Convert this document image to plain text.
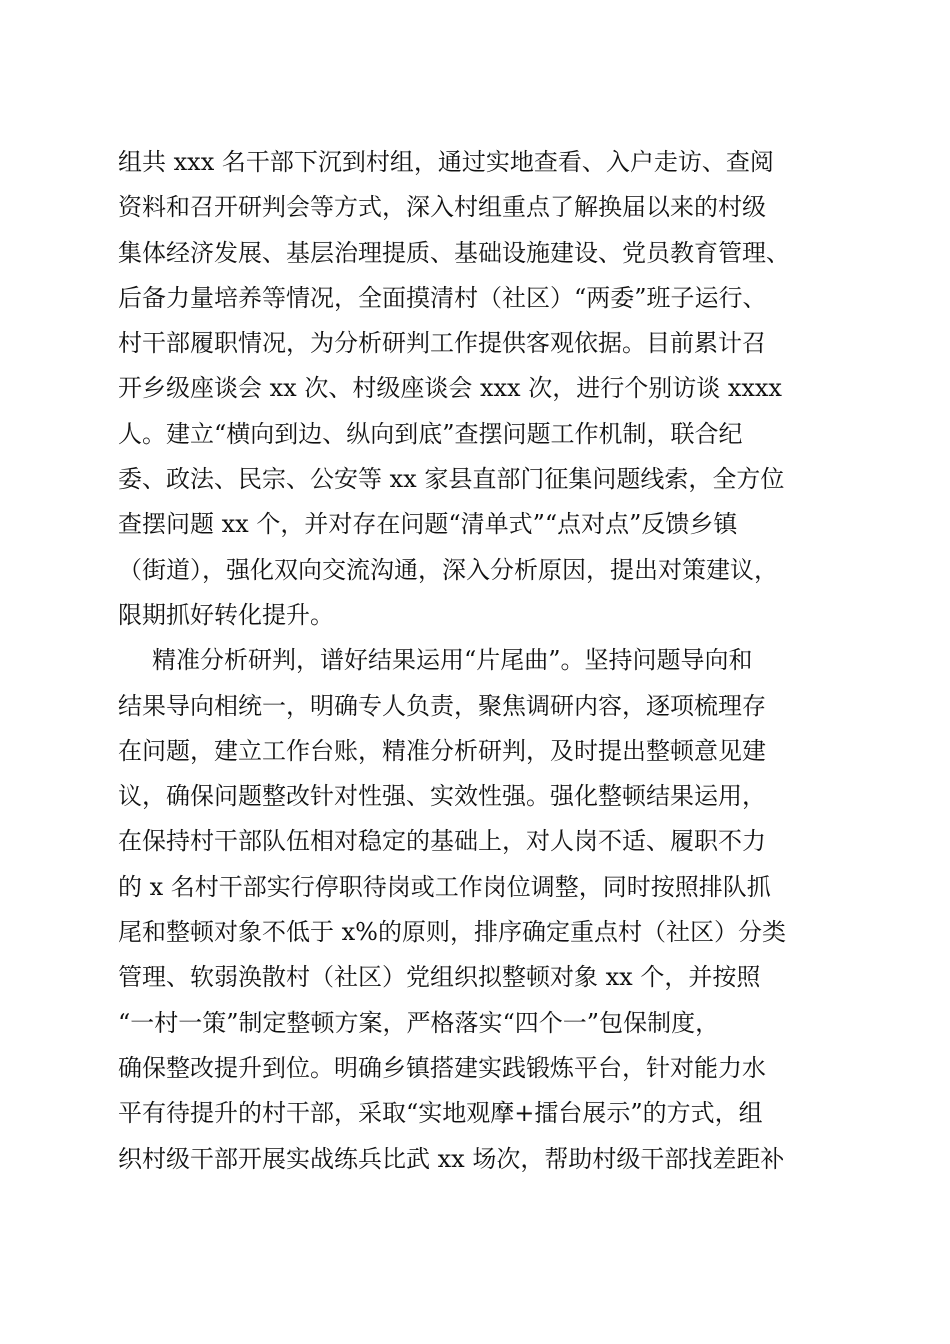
组共 xxx 名干部下沉到村组，通过实地查看、入户走访、查阅
资料和召开研判会等方式，深入村组重点了解换届以来的村级
集体经济发展、基层治理提质、基础设施建设、党员教育管理、
后备力量培养等情况，全面摸清村（社区）“两委”班子运行、
村干部履职情况，为分析研判工作提供客观依据。目前累计召
开乡级座谈会 xx 次、村级座谈会 xxx 次，进行个别访谈 xxxx
人。建立“横向到边、纵向到底”查摆问题工作机制，联合纪
委、政法、民宗、公安等 xx 家县直部门征集问题线索，全方位
查摆问题 xx 个，并对存在问题“清单式”“点对点”反馈乡镇
（街道），强化双向交流沟通，深入分析原因，提出对策建议，
限期抓好转化提升。
精准分析研判，谱好结果运用“片尾曲”。坚持问题导向和
结果导向相统一，明确专人负责，聚焦调研内容，逐项梳理存
在问题，建立工作台账，精准分析研判，及时提出整顿意见建
议，确保问题整改针对性强、实效性强。强化整顿结果运用，
在保持村干部队伍相对稳定的基础上，对人岗不适、履职不力
的 x 名村干部实行停职待岗或工作岗位调整，同时按照排队抓
尾和整顿对象不低于 x%的原则，排序确定重点村（社区）分类
管理、软弱涣散村（社区）党组织拟整顿对象 xx 个，并按照
“一村一策”制定整顿方案，严格落实“四个一”包保制度，
确保整改提升到位。明确乡镇搭建实践锻炼平台，针对能力水
平有待提升的村干部，采取“实地观摩+擂台展示”的方式，组
织村级干部开展实战练兵比武 xx 场次，帮助村级干部找差距补
